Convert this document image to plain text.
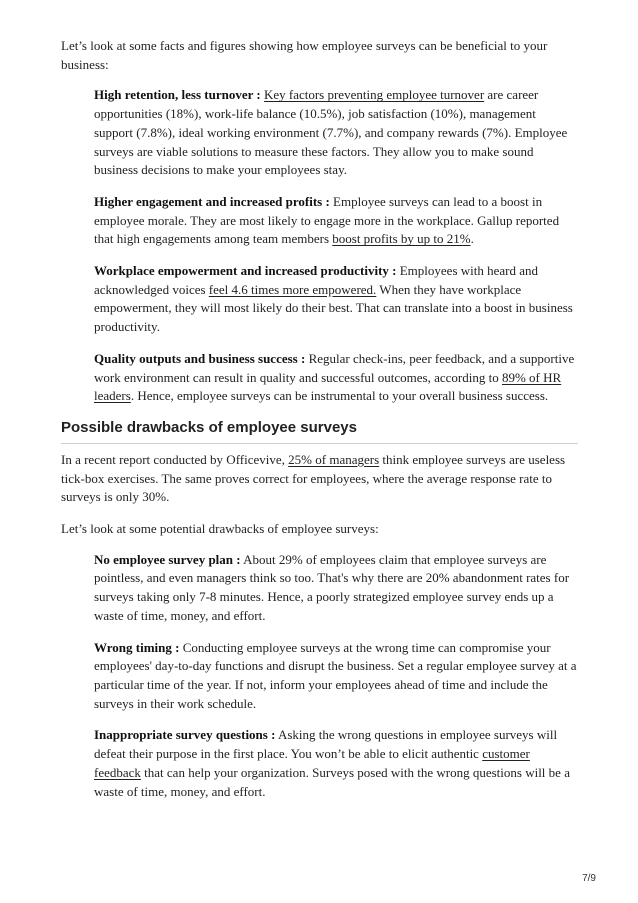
Let’s look at some facts and figures showing how employee surveys can be beneficial to your business:

High retention, less turnover : Key factors preventing employee turnover are career opportunities (18%), work-life balance (10.5%), job satisfaction (10%), management support (7.8%), ideal working environment (7.7%), and company rewards (7%). Employee surveys are viable solutions to measure these factors. They allow you to make sound business decisions to make your employees stay.

Higher engagement and increased profits : Employee surveys can lead to a boost in employee morale. They are most likely to engage more in the workplace. Gallup reported that high engagements among team members boost profits by up to 21%.

Workplace empowerment and increased productivity : Employees with heard and acknowledged voices feel 4.6 times more empowered. When they have workplace empowerment, they will most likely do their best. That can translate into a boost in business productivity.

Quality outputs and business success : Regular check-ins, peer feedback, and a supportive work environment can result in quality and successful outcomes, according to 89% of HR leaders. Hence, employee surveys can be instrumental to your overall business success.

Possible drawbacks of employee surveys

In a recent report conducted by Officevive, 25% of managers think employee surveys are useless tick-box exercises. The same proves correct for employees, where the average response rate to surveys is only 30%.

Let’s look at some potential drawbacks of employee surveys:

No employee survey plan : About 29% of employees claim that employee surveys are pointless, and even managers think so too. That's why there are 20% abandonment rates for surveys taking only 7-8 minutes. Hence, a poorly strategized employee survey ends up a waste of time, money, and effort.

Wrong timing : Conducting employee surveys at the wrong time can compromise your employees' day-to-day functions and disrupt the business. Set a regular employee survey at a particular time of the year. If not, inform your employees ahead of time and include the surveys in their work schedule.

Inappropriate survey questions : Asking the wrong questions in employee surveys will defeat their purpose in the first place. You won’t be able to elicit authentic customer feedback that can help your organization. Surveys posed with the wrong questions will be a waste of time, money, and effort.

7/9
